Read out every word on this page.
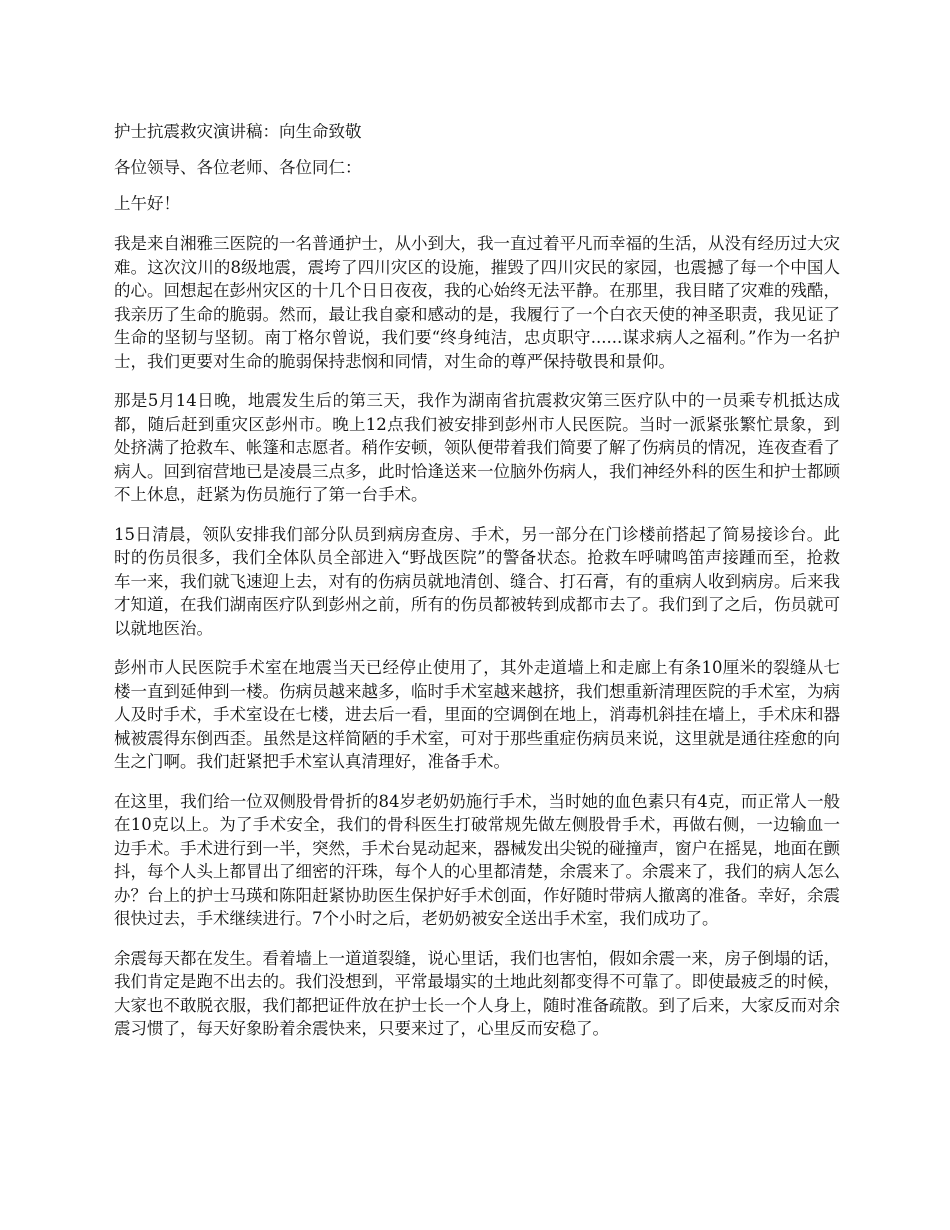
护士抗震救灾演讲稿：向生命致敬

各位领导、各位老师、各位同仁：

上午好！

我是来自湘雅三医院的一名普通护士，从小到大，我一直过着平凡而幸福的生活，从没有经历过大灾难。这次汶川的8级地震，震垮了四川灾区的设施，摧毁了四川灾民的家园，也震撼了每一个中国人的心。回想起在彭州灾区的十几个日日夜夜，我的心始终无法平静。在那里，我目睹了灾难的残酷，我亲历了生命的脆弱。然而，最让我自豪和感动的是，我履行了一个白衣天使的神圣职责，我见证了生命的坚韧与坚韧。南丁格尔曾说，我们要“终身纯洁，忠贞职守......谋求病人之福利。”作为一名护士，我们更要对生命的脆弱保持悲悯和同情，对生命的尊严保持敬畏和景仰。

那是5月14日晚，地震发生后的第三天，我作为湖南省抗震救灾第三医疗队中的一员乘专机抵达成都，随后赶到重灾区彭州市。晚上12点我们被安排到彭州市人民医院。当时一派紧张繁忙景象，到处挤满了抢救车、帐篷和志愿者。稍作安顿，领队便带着我们简要了解了伤病员的情况，连夜查看了病人。回到宿营地已是凌晨三点多，此时恰逢送来一位脑外伤病人，我们神经外科的医生和护士都顾不上休息，赶紧为伤员施行了第一台手术。

15日清晨，领队安排我们部分队员到病房查房、手术，另一部分在门诊楼前搭起了简易接诊台。此时的伤员很多，我们全体队员全部进入“野战医院”的警备状态。抢救车呼啸鸣笛声接踵而至，抢救车一来，我们就飞速迎上去，对有的伤病员就地清创、缝合、打石膏，有的重病人收到病房。后来我才知道，在我们湖南医疗队到彭州之前，所有的伤员都被转到成都市去了。我们到了之后，伤员就可以就地医治。

彭州市人民医院手术室在地震当天已经停止使用了，其外走道墙上和走廊上有条10厘米的裂缝从七楼一直到延伸到一楼。伤病员越来越多，临时手术室越来越挤，我们想重新清理医院的手术室，为病人及时手术，手术室设在七楼，进去后一看，里面的空调倒在地上，消毒机斜挂在墙上，手术床和器械被震得东倒西歪。虽然是这样简陋的手术室，可对于那些重症伤病员来说，这里就是通往痊愈的向生之门啊。我们赶紧把手术室认真清理好，准备手术。

在这里，我们给一位双侧股骨骨折的84岁老奶奶施行手术，当时她的血色素只有4克，而正常人一般在10克以上。为了手术安全，我们的骨科医生打破常规先做左侧股骨手术，再做右侧，一边输血一边手术。手术进行到一半，突然，手术台晃动起来，器械发出尖锐的碰撞声，窗户在摇晃，地面在颤抖，每个人头上都冒出了细密的汗珠，每个人的心里都清楚，余震来了。余震来了，我们的病人怎么办？台上的护士马瑛和陈阳赶紧协助医生保护好手术创面，作好随时带病人撤离的准备。幸好，余震很快过去，手术继续进行。7个小时之后，老奶奶被安全送出手术室，我们成功了。

余震每天都在发生。看着墙上一道道裂缝，说心里话，我们也害怕，假如余震一来，房子倒塌的话，我们肯定是跑不出去的。我们没想到，平常最塌实的土地此刻都变得不可靠了。即使最疲乏的时候，大家也不敢脱衣服，我们都把证件放在护士长一个人身上，随时准备疏散。到了后来，大家反而对余震习惯了，每天好象盼着余震快来，只要来过了，心里反而安稳了。
